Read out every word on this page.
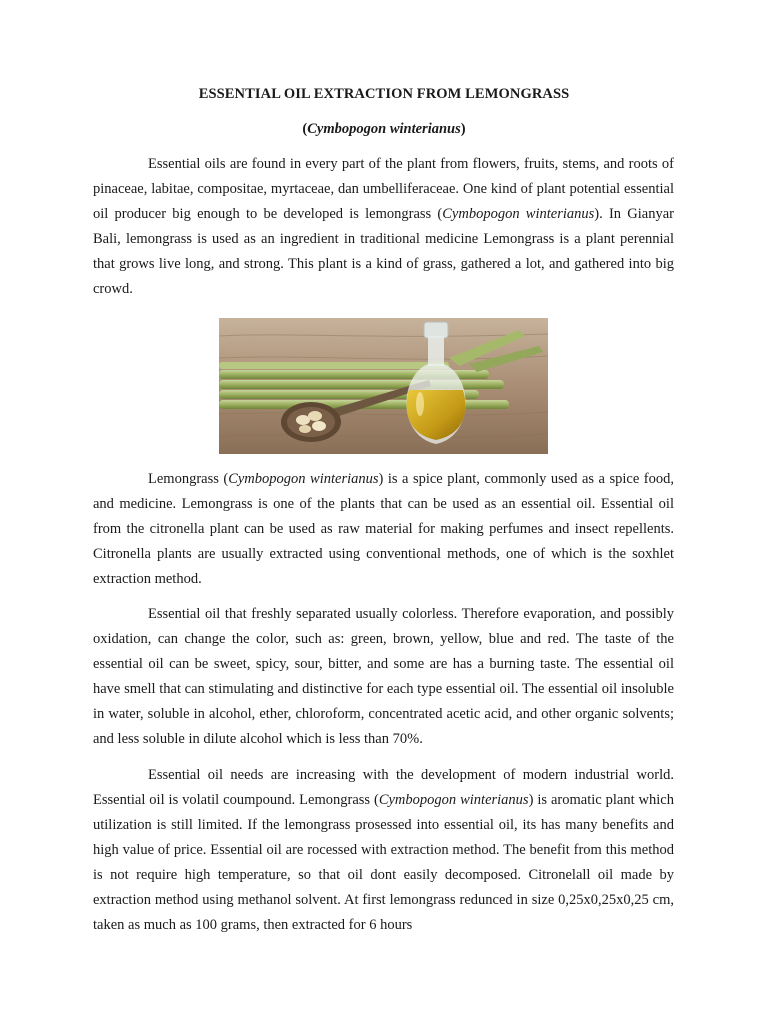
ESSENTIAL OIL EXTRACTION FROM LEMONGRASS
(Cymbopogon winterianus)

Essential oils are found in every part of the plant from flowers, fruits, stems, and roots of pinaceae, labitae, compositae, myrtaceae, dan umbelliferaceae. One kind of plant potential essential oil producer big enough to be developed is lemongrass (Cymbopogon winterianus). In Gianyar Bali, lemongrass is used as an ingredient in traditional medicine Lemongrass is a plant perennial that grows live long, and strong. This plant is a kind of grass, gathered a lot, and gathered into big crowd.

Lemongrass (Cymbopogon winterianus) is a spice plant, commonly used as a spice food, and medicine. Lemongrass is one of the plants that can be used as an essential oil. Essential oil from the citronella plant can be used as raw material for making perfumes and insect repellents. Citronella plants are usually extracted using conventional methods, one of which is the soxhlet extraction method.

Essential oil that freshly separated usually colorless. Therefore evaporation, and possibly oxidation, can change the color, such as: green, brown, yellow, blue and red. The taste of the essential oil can be sweet, spicy, sour, bitter, and some are has a burning taste. The essential oil have smell that can stimulating and distinctive for each type essential oil. The essential oil insoluble in water, soluble in alcohol, ether, chloroform, concentrated acetic acid, and other organic solvents; and less soluble in dilute alcohol which is less than 70%.

Essential oil needs are increasing with the development of modern industrial world. Essential oil is volatil coumpound. Lemongrass (Cymbopogon winterianus) is aromatic plant which utilization is still limited. If the lemongrass prosessed into essential oil, its has many benefits and high value of price. Essential oil are rocessed with extraction method. The benefit from this method is not require high temperature, so that oil dont easily decomposed. Citronelall oil made by extraction method using methanol solvent. At first lemongrass redunced in size 0,25x0,25x0,25 cm, taken as much as 100 grams, then extracted for 6 hours
